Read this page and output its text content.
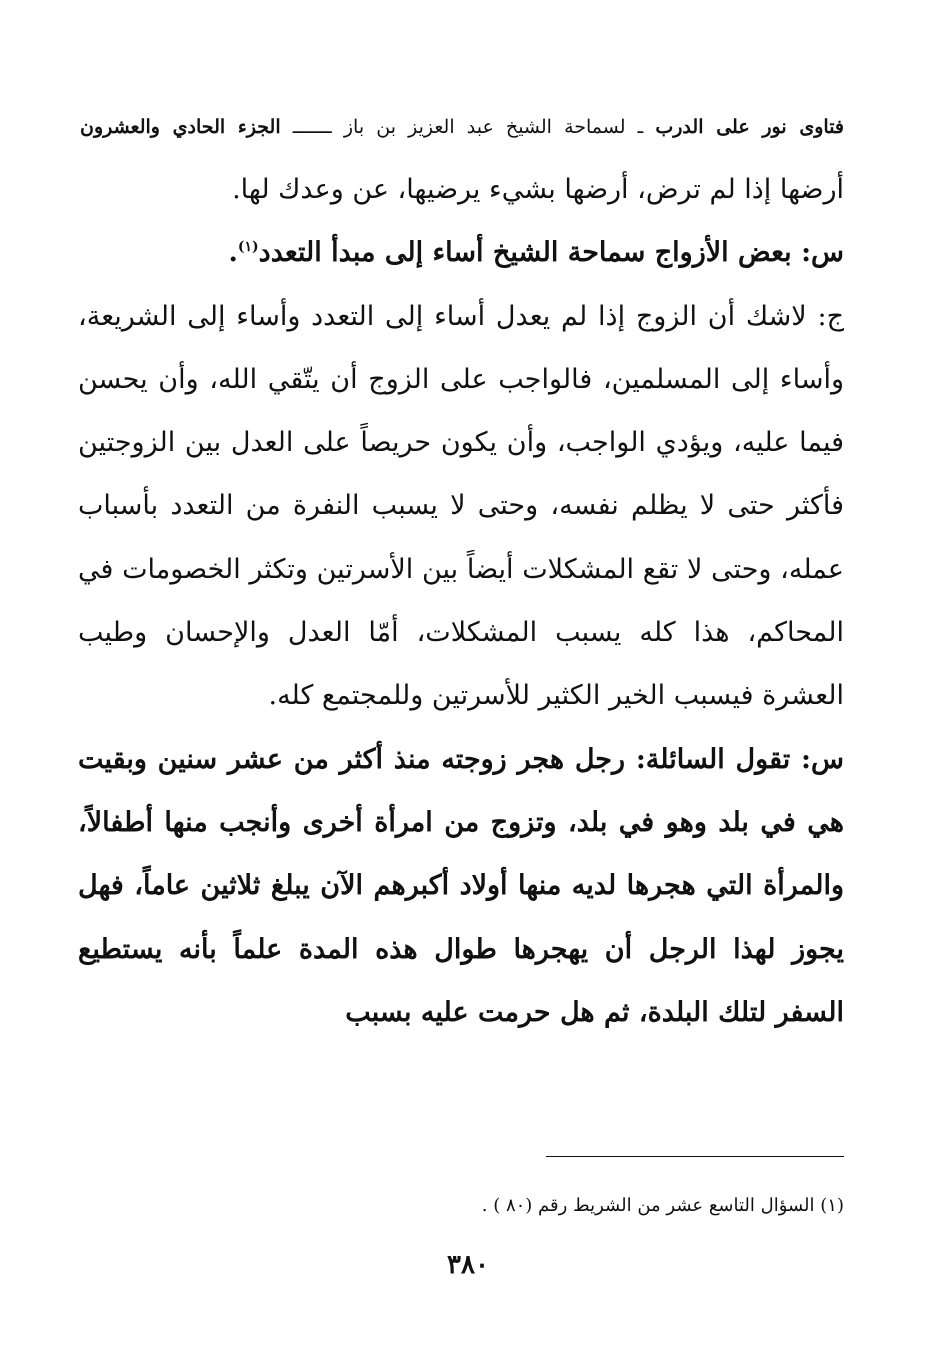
فتاوى نور على الدرب ـ لسماحة الشيخ عبد العزيز بن باز ـــــــ الجزء الحادي والعشرون

أرضها إذا لم ترض، أرضها بشيء يرضيها، عن وعدك لها.

س: بعض الأزواج سماحة الشيخ أساء إلى مبدأ التعدد$^{(١)}$.

ج: لاشك أن الزوج إذا لم يعدل أساء إلى التعدد وأساء إلى الشريعة، وأساء إلى المسلمين، فالواجب على الزوج أن يتّقي الله، وأن يحسن فيما عليه، ويؤدي الواجب، وأن يكون حريصاً على العدل بين الزوجتين فأكثر حتى لا يظلم نفسه، وحتى لا يسبب النفرة من التعدد بأسباب عمله، وحتى لا تقع المشكلات أيضاً بين الأسرتين وتكثر الخصومات في المحاكم، هذا كله يسبب المشكلات، أمّا العدل والإحسان وطيب العشرة فيسبب الخير الكثير للأسرتين وللمجتمع كله.

س: تقول السائلة: رجل هجر زوجته منذ أكثر من عشر سنين وبقيت هي في بلد وهو في بلد، وتزوج من امرأة أخرى وأنجب منها أطفالاً، والمرأة التي هجرها لديه منها أولاد أكبرهم الآن يبلغ ثلاثين عاماً، فهل يجوز لهذا الرجل أن يهجرها طوال هذه المدة علماً بأنه يستطيع السفر لتلك البلدة، ثم هل حرمت عليه بسبب

(١) السؤال التاسع عشر من الشريط رقم (٨٠ ) .
٣٨٠
